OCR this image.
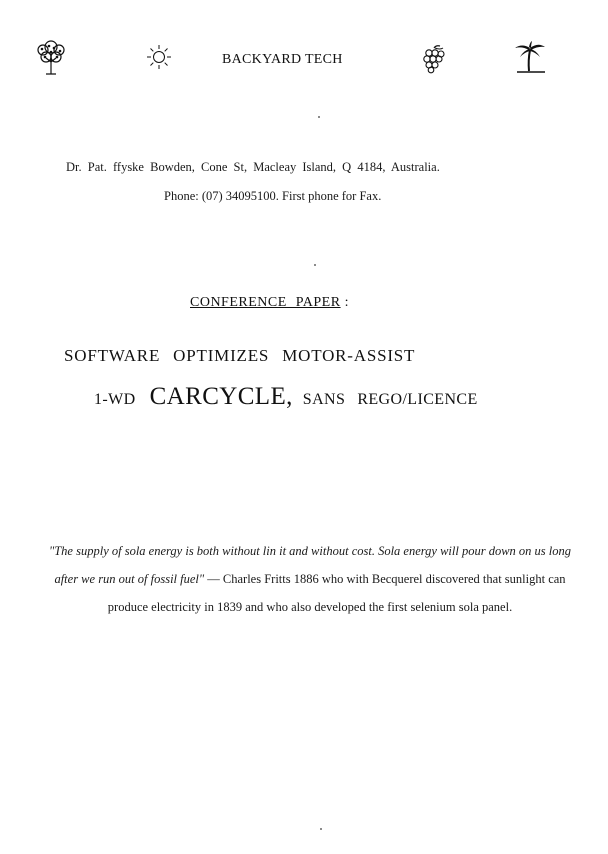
BACKYARD TECH
Dr. Pat. ffyske Bowden, Cone St, Macleay Island, Q 4184, Australia.
Phone: (07) 34095100. First phone for Fax.
CONFERENCE PAPER :
SOFTWARE OPTIMIZES MOTOR-ASSIST
1-WD CARCYCLE, SANS REGO/LICENCE
"The supply of sola energy is both without lin it and without cost. Sola energy will pour down on us long after we run out of fossil fuel" — Charles Fritts 1886 who with Becquerel discovered that sunlight can produce electricity in 1839 and who also developed the first selenium sola panel.
